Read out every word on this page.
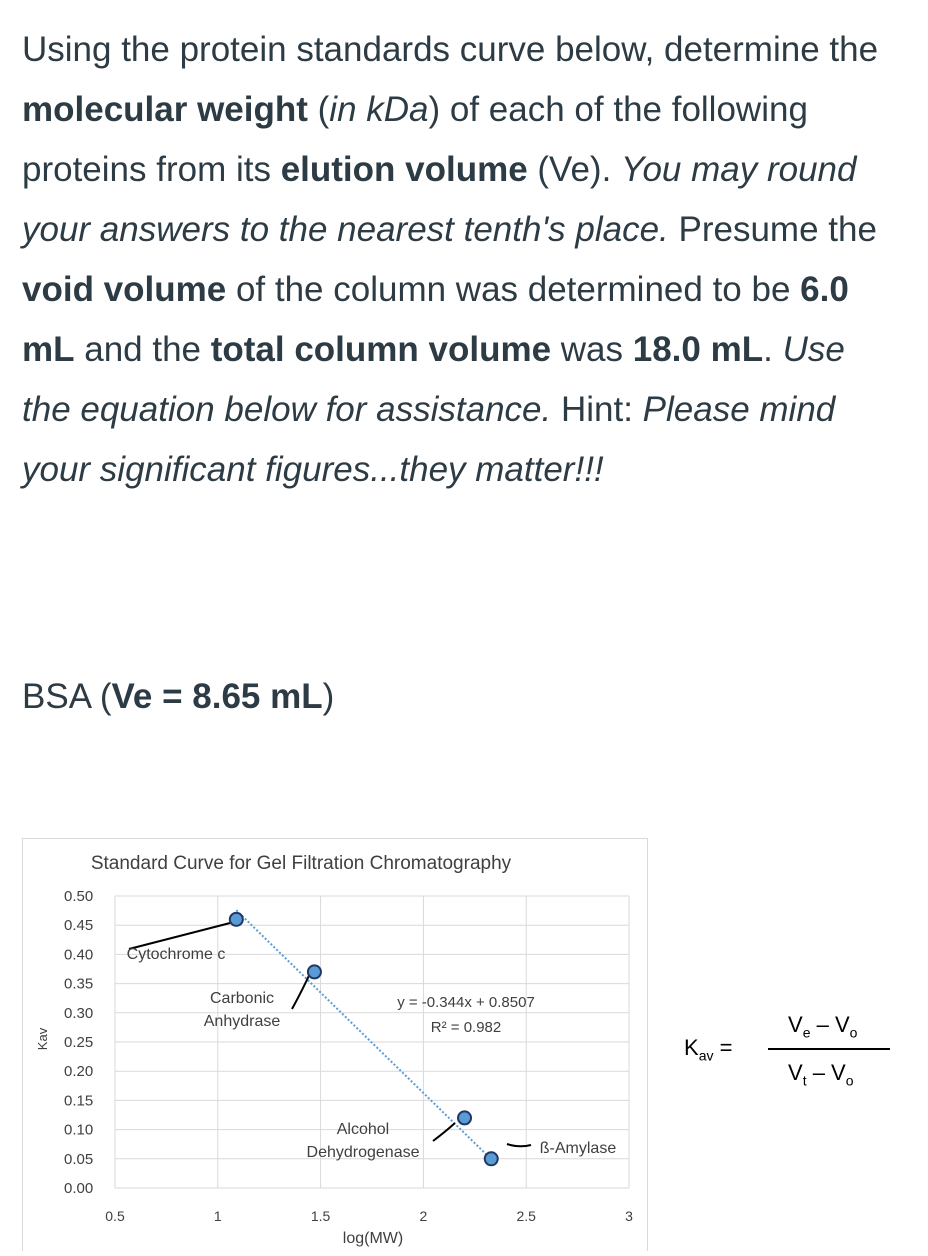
Using the protein standards curve below, determine the molecular weight (in kDa) of each of the following proteins from its elution volume (Ve). You may round your answers to the nearest tenth's place. Presume the void volume of the column was determined to be 6.0 mL and the total column volume was 18.0 mL. Use the equation below for assistance. Hint: Please mind your significant figures...they matter!!!

BSA (Ve = 8.65 mL)
0.00
0.05
0.10
0.15
0.20
0.25
0.30
0.35
0.40
0.45
0.50
0.5	1	1.5	2	2.5	3
Cytochrome c
Carbonic
Anhydrase
Alcohol
Dehydrogenase	ß-Amylase
Standard Curve for Gel Filtration Chromatography
log(MW)
Kav
y = -0.344x + 0.8507
R² = 0.982
$K_{av}$ =
$V_e - V_o$
$V_t - V_o$
